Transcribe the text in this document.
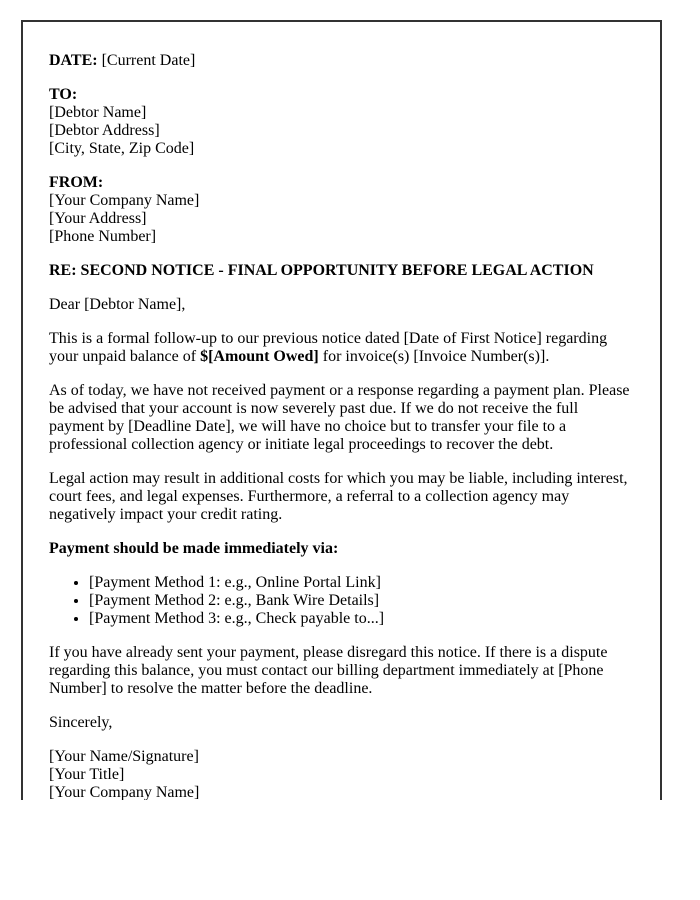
DATE: [Current Date]

TO:
[Debtor Name]
[Debtor Address]
[City, State, Zip Code]

FROM:
[Your Company Name]
[Your Address]
[Phone Number]

RE: SECOND NOTICE - FINAL OPPORTUNITY BEFORE LEGAL ACTION

Dear [Debtor Name],

This is a formal follow-up to our previous notice dated [Date of First Notice] regarding your unpaid balance of $[Amount Owed] for invoice(s) [Invoice Number(s)].

As of today, we have not received payment or a response regarding a payment plan. Please be advised that your account is now severely past due. If we do not receive the full payment by [Deadline Date], we will have no choice but to transfer your file to a professional collection agency or initiate legal proceedings to recover the debt.

Legal action may result in additional costs for which you may be liable, including interest, court fees, and legal expenses. Furthermore, a referral to a collection agency may negatively impact your credit rating.

Payment should be made immediately via:

• [Payment Method 1: e.g., Online Portal Link]
• [Payment Method 2: e.g., Bank Wire Details]
• [Payment Method 3: e.g., Check payable to...]

If you have already sent your payment, please disregard this notice. If there is a dispute regarding this balance, you must contact our billing department immediately at [Phone Number] to resolve the matter before the deadline.

Sincerely,

[Your Name/Signature]
[Your Title]
[Your Company Name]
